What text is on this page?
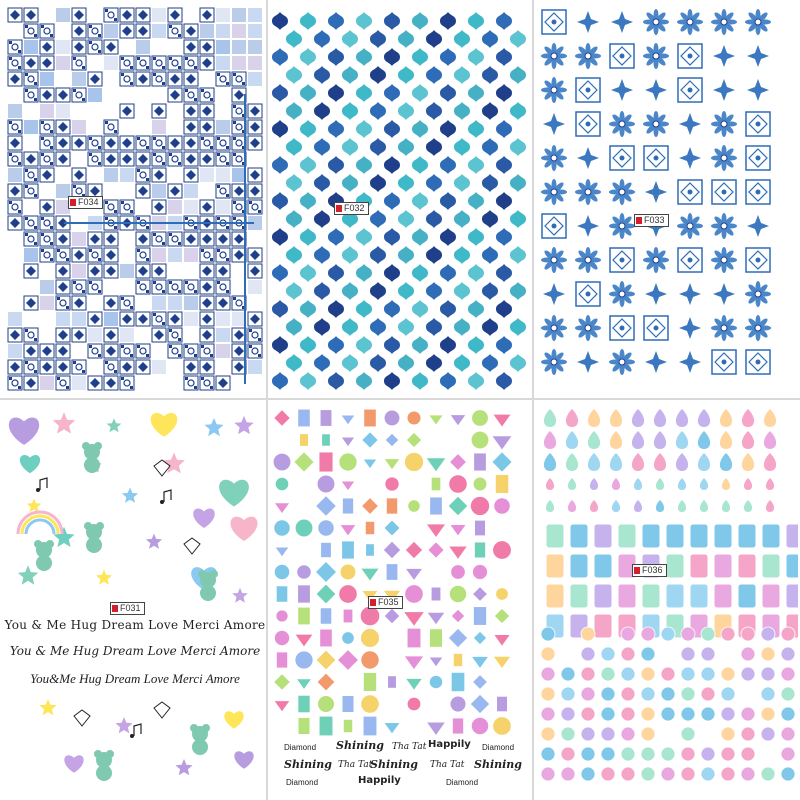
F034
F032
F033
F031
You & Me Hug Dream Love Merci Amore
You & Me Hug Dream Love Merci Amore
You&Me Hug Dream Love Merci Amore
F035
Diamond Shining Tha Tat Happily Diamond
Shining Tha Tat
Shining Tha Tat Shining
Diamond	Happily	Diamond
F036
